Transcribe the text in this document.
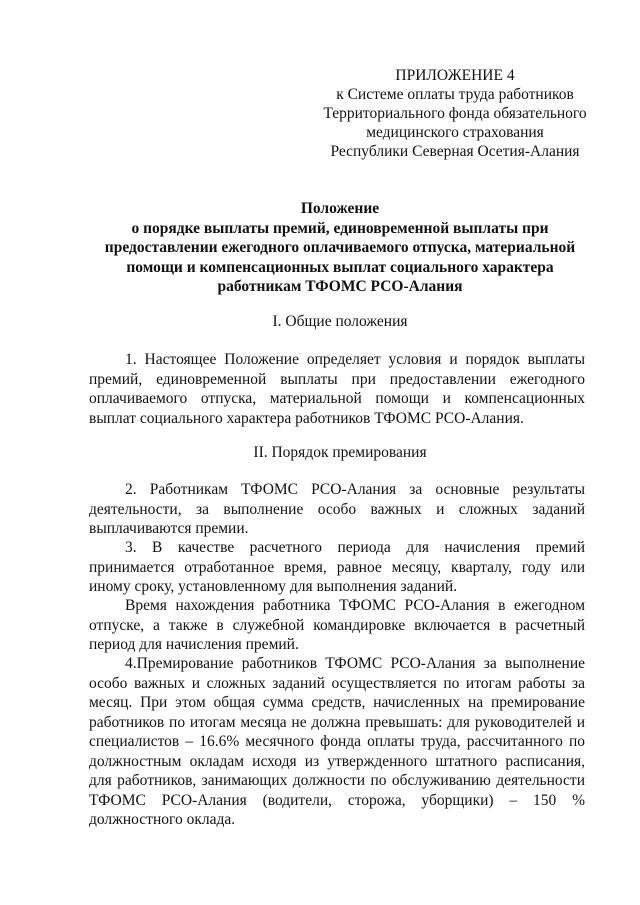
ПРИЛОЖЕНИЕ 4
к Системе оплаты труда работников
Территориального фонда обязательного
медицинского страхования
Республики Северная Осетия-Алания
Положение
о порядке выплаты премий, единовременной выплаты при
предоставлении ежегодного оплачиваемого отпуска, материальной
помощи и компенсационных выплат социального характера
работникам ТФОМС РСО-Алания
I. Общие положения

1. Настоящее Положение определяет условия и порядок выплаты премий, единовременной выплаты при предоставлении ежегодного оплачиваемого отпуска, материальной помощи и компенсационных выплат социального характера работников ТФОМС РСО-Алания.

II. Порядок премирования

2. Работникам ТФОМС РСО-Алания за основные результаты деятельности, за выполнение особо важных и сложных заданий выплачиваются премии.

3. В качестве расчетного периода для начисления премий принимается отработанное время, равное месяцу, кварталу, году или иному сроку, установленному для выполнения заданий.

Время нахождения работника ТФОМС РСО-Алания в ежегодном отпуске, а также в служебной командировке включается в расчетный период для начисления премий.

4.Премирование работников ТФОМС РСО-Алания за выполнение особо важных и сложных заданий осуществляется по итогам работы за месяц. При этом общая сумма средств, начисленных на премирование работников по итогам месяца не должна превышать: для руководителей и специалистов – 16.6% месячного фонда оплаты труда, рассчитанного по должностным окладам исходя из утвержденного штатного расписания, для работников, занимающих должности по обслуживанию деятельности ТФОМС РСО-Алания (водители, сторожа, уборщики) – 150 % должностного оклада.
